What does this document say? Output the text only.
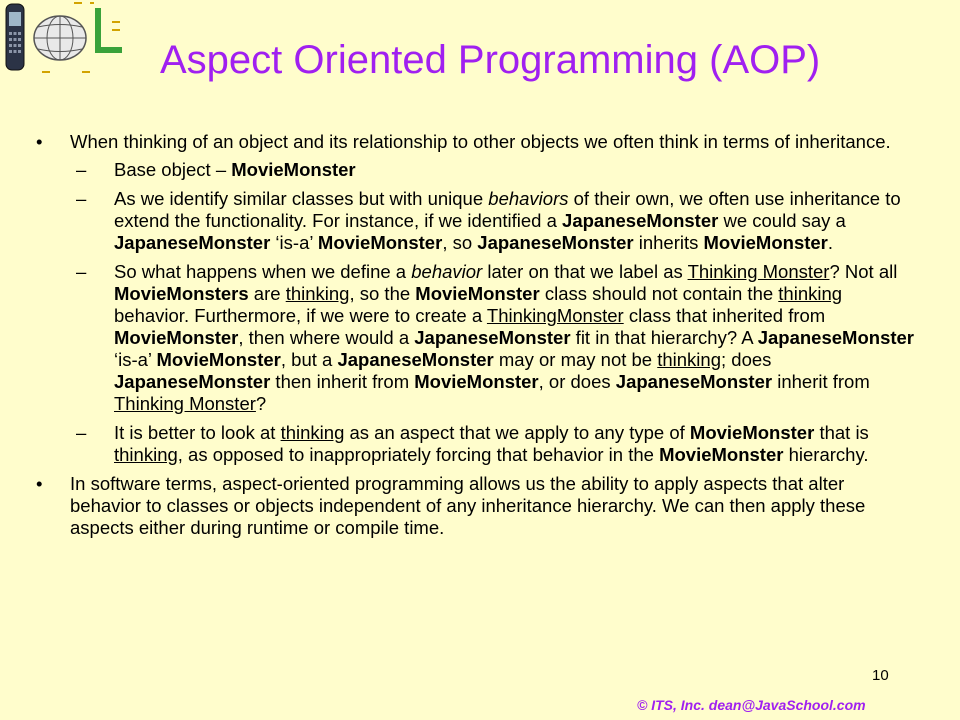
Aspect Oriented Programming (AOP)
• When thinking of an object and its relationship to other objects we often think in terms of inheritance.
– Base object – MovieMonster
– As we identify similar classes but with unique behaviors of their own, we often use inheritance to extend the functionality. For instance, if we identified a JapaneseMonster we could say a JapaneseMonster ‘is-a’ MovieMonster, so JapaneseMonster inherits MovieMonster.
– So what happens when we define a behavior later on that we label as Thinking Monster? Not all MovieMonsters are thinking, so the MovieMonster class should not contain the thinking behavior. Furthermore, if we were to create a ThinkingMonster class that inherited from MovieMonster, then where would a JapaneseMonster fit in that hierarchy? A JapaneseMonster ‘is-a’ MovieMonster, but a JapaneseMonster may or may not be thinking; does JapaneseMonster then inherit from MovieMonster, or does JapaneseMonster inherit from Thinking Monster?
– It is better to look at thinking as an aspect that we apply to any type of MovieMonster that is thinking, as opposed to inappropriately forcing that behavior in the MovieMonster hierarchy.
• In software terms, aspect-oriented programming allows us the ability to apply aspects that alter behavior to classes or objects independent of any inheritance hierarchy. We can then apply these aspects either during runtime or compile time.
10
© ITS, Inc. dean@JavaSchool.com
